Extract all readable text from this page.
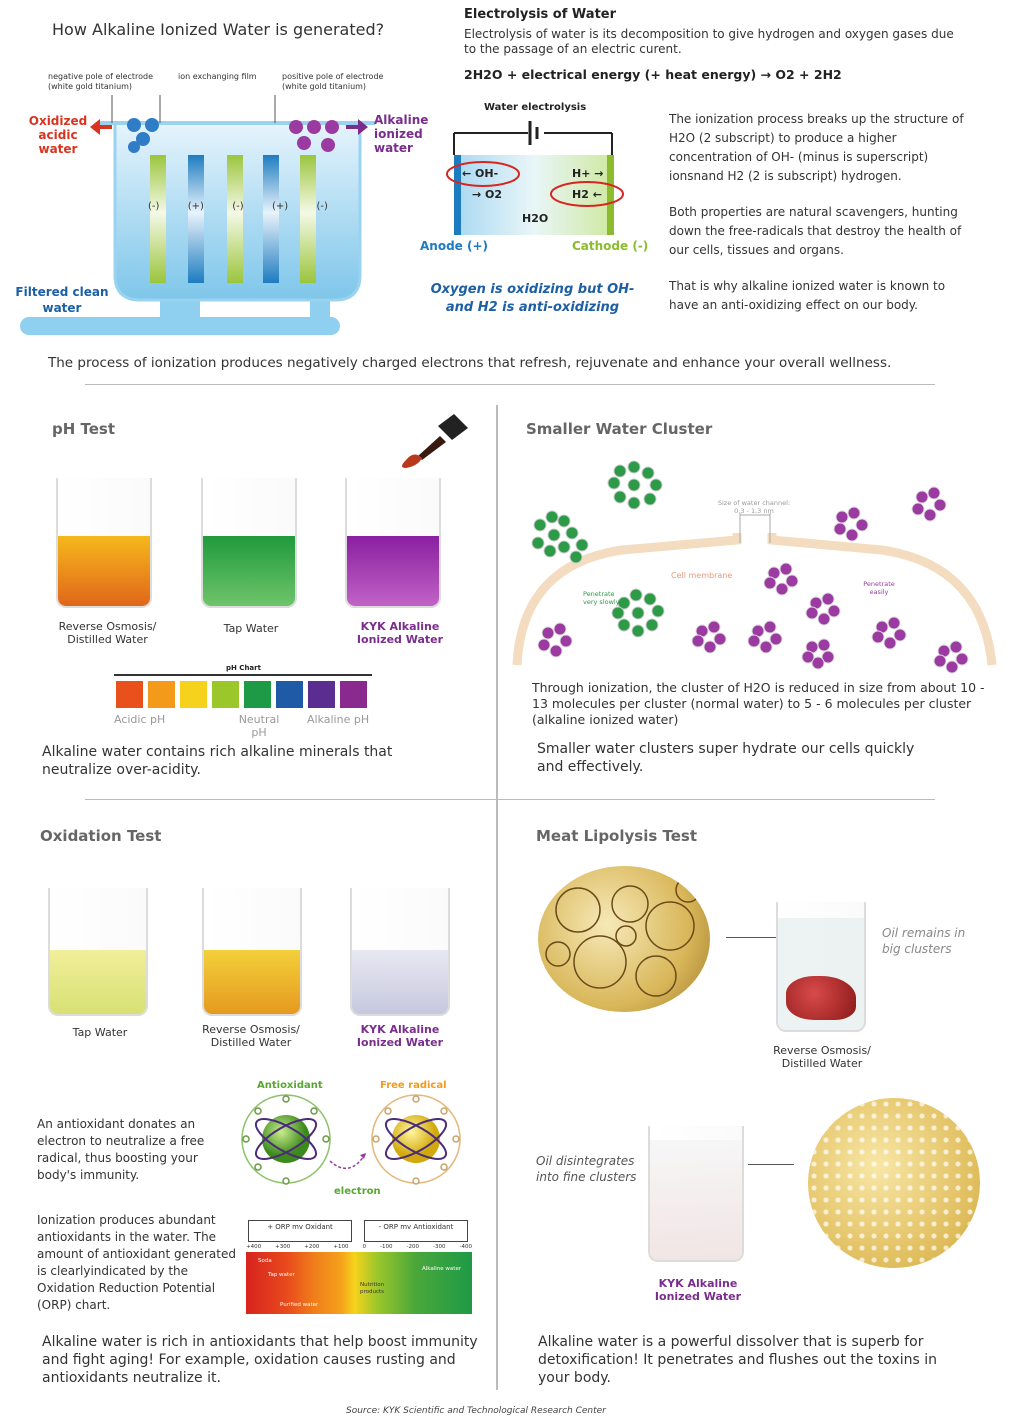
How Alkaline Ionized Water is generated?
negative pole of electrode (white gold titanium)
ion exchanging film	positive pole of electrode (white gold titanium)
(-)	(+)	(-)	(+)	(-)
Oxidized acidic water
Alkaline ionized water
Filtered clean water
Electrolysis of Water
Electrolysis of water is its decomposition to give hydrogen and oxygen gases due to the passage of an electric curent.
2H2O + electrical energy (+ heat energy) → O2 + 2H2
Water electrolysis
← OH-
→ O2
H+ →
H2 ←
H2O
Anode (+)	Cathode (-)
Oxygen is oxidizing but OH- and H2 is anti-oxidizing
The ionization process breaks up the structure of H2O (2 subscript) to produce a higher concentration of OH- (minus is superscript) ionsnand H2 (2 is subscript) hydrogen.
Both properties are natural scavengers, hunting down the free-radicals that destroy the health of our cells, tissues and organs.
That is why alkaline ionized water is known to have an anti-oxidizing effect on our body.
The process of ionization produces negatively charged electrons that refresh, rejuvenate and enhance your overall wellness.
pH Test
Reverse Osmosis/ Distilled Water
Tap Water	KYK Alkaline Ionized Water
pH Chart
Acidic pH	Neutral pH
Alkaline pH
Alkaline water contains rich alkaline minerals that neutralize over-acidity.
Smaller Water Cluster
Size of water channel: 0.3 - 1.3 nm
Cell membrane
Penetrate very slowly
Penetrate easily
Through ionization, the cluster of H2O is reduced in size from about 10 - 13 molecules per cluster (normal water) to 5 - 6 molecules per cluster (alkaline ionized water)
Smaller water clusters super hydrate our cells quickly and effectively.
Oxidation Test
Tap Water	Reverse Osmosis/ Distilled Water
KYK Alkaline Ionized Water
Antioxidant	Free radical
electron
An antioxidant donates an electron to neutralize a free radical, thus boosting your body's immunity.
Ionization produces abundant antioxidants in the water. The amount of antioxidant generated is clearlyindicated by the Oxidation Reduction Potential (ORP) chart.
+ ORP mv Oxidant	- ORP mv Antioxidant
+400	+300	+200	+100	0	-100	-200	-300	-400
Soda
Tap water
Purified water
Nutrition products
Alkaline water
Alkaline water is rich in antioxidants that help boost immunity and fight aging! For example, oxidation causes rusting and antioxidants neutralize it.
Meat Lipolysis Test
Oil remains in big clusters
Reverse Osmosis/ Distilled Water
Oil disintegrates into fine clusters
KYK Alkaline Ionized Water
Alkaline water is a powerful dissolver that is superb for detoxification! It penetrates and flushes out the toxins in your body.
Source: KYK Scientific and Technological Research Center
